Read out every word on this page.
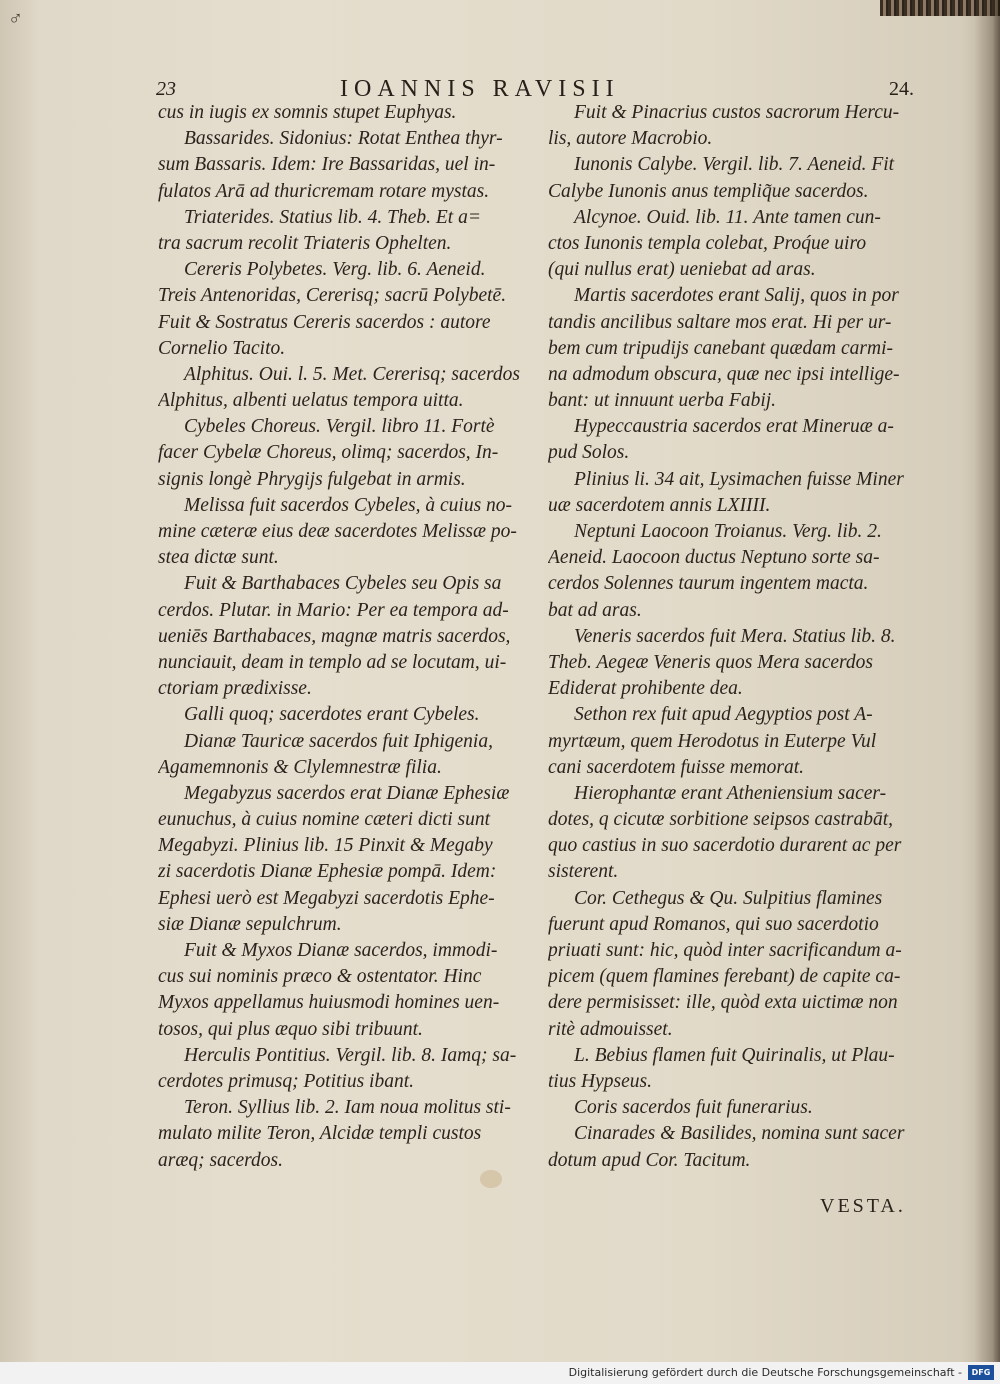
♂
23	IOANNIS RAVISII	24.
cus in iugis ex somnis stupet Euphyas.
Bassarides. Sidonius: Rotat Enthea thyr-
sum Bassaris. Idem: Ire Bassaridas, uel in-
fulatos Arā ad thuricremam rotare mystas.
Triaterides. Statius lib. 4. Theb. Et a=
tra sacrum recolit Triateris Ophelten.
Cereris Polybetes. Verg. lib. 6. Aeneid.
Treis Antenoridas, Cererisq; sacrū Polybetē.
Fuit & Sostratus Cereris sacerdos : autore
Cornelio Tacito.
Alphitus. Oui. l. 5. Met. Cererisq; sacerdos
Alphitus, albenti uelatus tempora uitta.
Cybeles Choreus. Vergil. libro 11. Fortè
facer Cybelæ Choreus, olimq; sacerdos, In-
signis longè Phrygijs fulgebat in armis.
Melissa fuit sacerdos Cybeles, à cuius no-
mine cæteræ eius deæ sacerdotes Melissæ po-
stea dictæ sunt.
Fuit & Barthabaces Cybeles seu Opis sa
cerdos. Plutar. in Mario: Per ea tempora ad-
ueniēs Barthabaces, magnæ matris sacerdos,
nunciauit, deam in templo ad se locutam, ui-
ctoriam prædixisse.
Galli quoq; sacerdotes erant Cybeles.
Dianæ Tauricæ sacerdos fuit Iphigenia,
Agamemnonis & Clylemnestræ filia.
Megabyzus sacerdos erat Dianæ Ephesiæ
eunuchus, à cuius nomine cæteri dicti sunt
Megabyzi. Plinius lib. 15 Pinxit & Megaby
zi sacerdotis Dianæ Ephesiæ pompā. Idem:
Ephesi uerò est Megabyzi sacerdotis Ephe-
siæ Dianæ sepulchrum.
Fuit & Myxos Dianæ sacerdos, immodi-
cus sui nominis præco & ostentator. Hinc
Myxos appellamus huiusmodi homines uen-
tosos, qui plus æquo sibi tribuunt.
Herculis Pontitius. Vergil. lib. 8. Iamq; sa-
cerdotes primusq; Potitius ibant.
Teron. Syllius lib. 2. Iam noua molitus sti-
mulato milite Teron, Alcidæ templi custos
aræq; sacerdos.
Fuit & Pinacrius custos sacrorum Hercu-
lis, autore Macrobio.
Iunonis Calybe. Vergil. lib. 7. Aeneid. Fit
Calybe Iunonis anus templiq̃ue sacerdos.
Alcynoe. Ouid. lib. 11. Ante tamen cun-
ctos Iunonis templa colebat, Proq́ue uiro
(qui nullus erat) ueniebat ad aras.
Martis sacerdotes erant Salij, quos in por
tandis ancilibus saltare mos erat. Hi per ur-
bem cum tripudijs canebant quædam carmi-
na admodum obscura, quæ nec ipsi intellige-
bant: ut innuunt uerba Fabij.
Hypeccaustria sacerdos erat Mineruæ a-
pud Solos.
Plinius li. 34 ait, Lysimachen fuisse Miner
uæ sacerdotem annis LXIIII.
Neptuni Laocoon Troianus. Verg. lib. 2.
Aeneid. Laocoon ductus Neptuno sorte sa-
cerdos Solennes taurum ingentem macta.
bat ad aras.
Veneris sacerdos fuit Mera. Statius lib. 8.
Theb. Aegeæ Veneris quos Mera sacerdos
Ediderat prohibente dea.
Sethon rex fuit apud Aegyptios post A-
myrtæum, quem Herodotus in Euterpe Vul
cani sacerdotem fuisse memorat.
Hierophantæ erant Atheniensium sacer-
dotes, q cicutæ sorbitione seipsos castrabāt,
quo castius in suo sacerdotio durarent ac per
sisterent.
Cor. Cethegus & Qu. Sulpitius flamines
fuerunt apud Romanos, qui suo sacerdotio
priuati sunt: hic, quòd inter sacrificandum a-
picem (quem flamines ferebant) de capite ca-
dere permisisset: ille, quòd exta uictimæ non
ritè admouisset.
L. Bebius flamen fuit Quirinalis, ut Plau-
tius Hypseus.
Coris sacerdos fuit funerarius.
Cinarades & Basilides, nomina sunt sacer
dotum apud Cor. Tacitum.
VESTA.
Digitalisierung gefördert durch die Deutsche Forschungsgemeinschaft -	DFG
